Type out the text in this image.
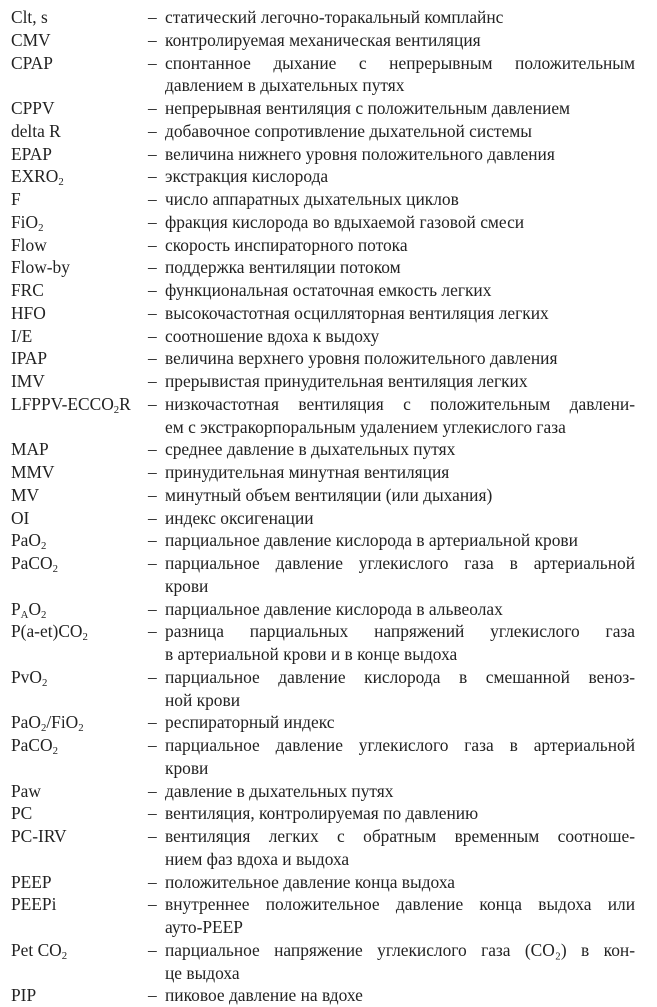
Clt, s	– статический легочно-торакальный комплайнс
CMV	– контролируемая механическая вентиляция
CPAP	– спонтанное дыхание с непрерывным положительным
давлением в дыхательных путях
CPPV	– непрерывная вентиляция с положительным давлением
delta R	– добавочное сопротивление дыхательной системы
EPAP	– величина нижнего уровня положительного давления
$EXRO_2$	– экстракция кислорода
F	– число аппаратных дыхательных циклов
FiO$_2$	– фракция кислорода во вдыхаемой газовой смеси
Flow	– скорость инспираторного потока
Flow-by	– поддержка вентиляции потоком
FRC	– функциональная остаточная емкость легких
HFO	– высокочастотная осцилляторная вентиляция легких
I/E	– соотношение вдоха к выдоху
IPAP	– величина верхнего уровня положительного давления
IMV	– прерывистая принудительная вентиляция легких
LFPPV-$ECCO_2R$ – низкочастотная вентиляция с положительным давлени-
ем с экстракорпоральным удалением углекислого газа
MAP	– среднее давление в дыхательных путях
MMV	– принудительная минутная вентиляция
MV	– минутный объем вентиляции (или дыхания)
OI	– индекс оксигенации
PaO$_2$	– парциальное давление кислорода в артериальной крови
PaCO$_2$	– парциальное давление углекислого газа в артериальной
крови
$P_AO_2$	– парциальное давление кислорода в альвеолах
$P(a-et)CO_2$	– разница парциальных напряжений углекислого газа
в артериальной крови и в конце выдоха
PvO$_2$	– парциальное давление кислорода в смешанной веноз-
ной крови
PaO$_2$/FiO$_2$	– респираторный индекс
PaCO$_2$	– парциальное давление углекислого газа в артериальной
крови
Paw	– давление в дыхательных путях
PC	– вентиляция, контролируемая по давлению
PC-IRV	– вентиляция легких с обратным временным соотноше-
нием фаз вдоха и выдоха
PEEP	– положительное давление конца выдоха
PEEPi	– внутреннее положительное давление конца выдоха или
ауто-PEEP
Pet $CO_2$	– парциальное напряжение углекислого газа (CO₂) в кон-
це выдоха
PIP	– пиковое давление на вдохе
